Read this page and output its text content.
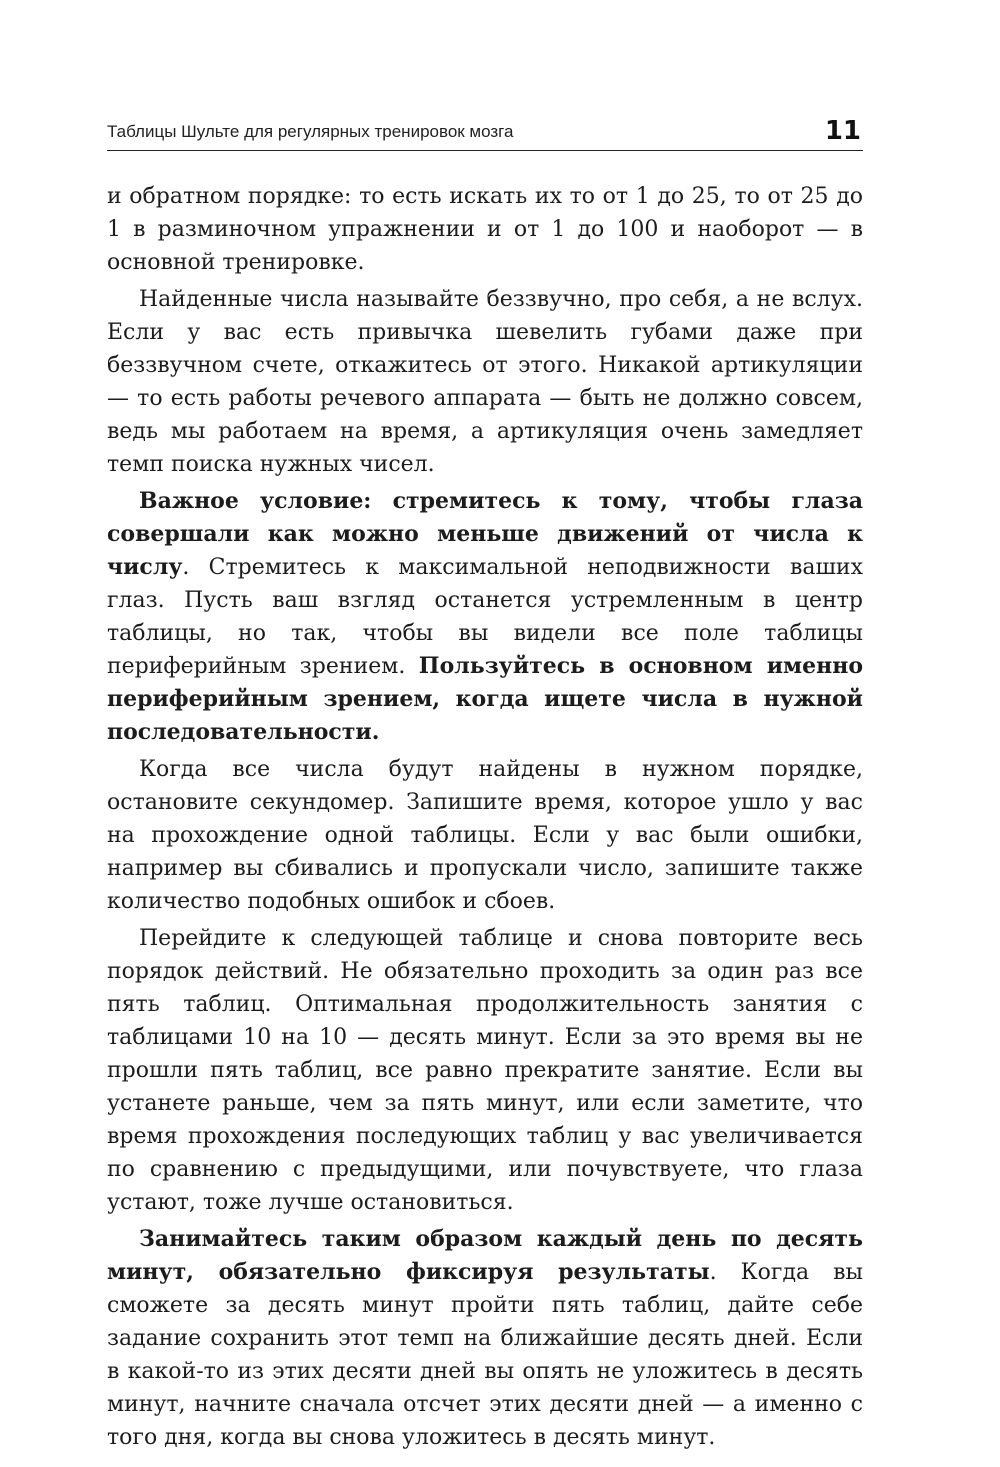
Таблицы Шульте для регулярных тренировок мозга	11

и обратном порядке: то есть искать их то от 1 до 25, то от 25 до 1 в разминочном упражнении и от 1 до 100 и наоборот — в основной тренировке.

Найденные числа называйте беззвучно, про себя, а не вслух. Если у вас есть привычка шевелить губами даже при беззвучном счете, откажитесь от этого. Никакой артикуляции — то есть работы речевого аппарата — быть не должно совсем, ведь мы работаем на время, а артикуляция очень замедляет темп поиска нужных чисел.

Важное условие: стремитесь к тому, чтобы глаза совершали как можно меньше движений от числа к числу. Стремитесь к максимальной неподвижности ваших глаз. Пусть ваш взгляд останется устремленным в центр таблицы, но так, чтобы вы видели все поле таблицы периферийным зрением. Пользуйтесь в основном именно периферийным зрением, когда ищете числа в нужной последовательности.

Когда все числа будут найдены в нужном порядке, остановите секундомер. Запишите время, которое ушло у вас на прохождение одной таблицы. Если у вас были ошибки, например вы сбивались и пропускали число, запишите также количество подобных ошибок и сбоев.

Перейдите к следующей таблице и снова повторите весь порядок действий. Не обязательно проходить за один раз все пять таблиц. Оптимальная продолжительность занятия с таблицами 10 на 10 — десять минут. Если за это время вы не прошли пять таблиц, все равно прекратите занятие. Если вы устанете раньше, чем за пять минут, или если заметите, что время прохождения последующих таблиц у вас увеличивается по сравнению с предыдущими, или почувствуете, что глаза устают, тоже лучше остановиться.

Занимайтесь таким образом каждый день по десять минут, обязательно фиксируя результаты. Когда вы сможете за десять минут пройти пять таблиц, дайте себе задание сохранить этот темп на ближайшие десять дней. Если в какой-то из этих десяти дней вы опять не уложитесь в десять минут, начните сначала отсчет этих десяти дней — а именно с того дня, когда вы снова уложитесь в десять минут.
